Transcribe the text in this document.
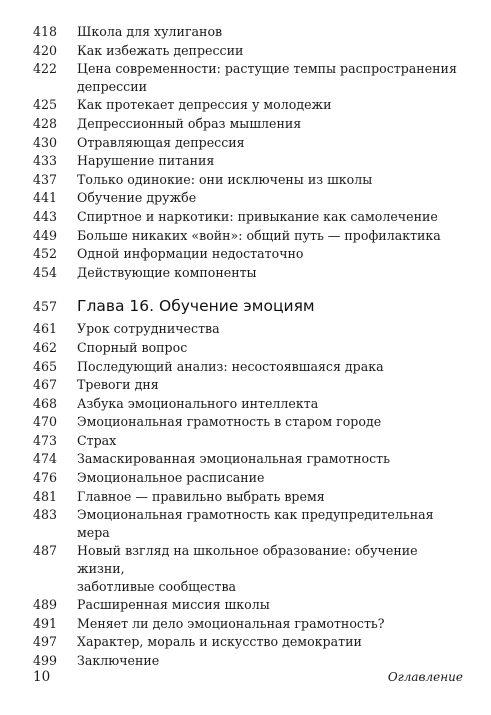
418	Школа для хулиганов
420	Как избежать депрессии
422	Цена современности: растущие темпы распространения
депрессии
425	Как протекает депрессия у молодежи
428	Депрессионный образ мышления
430	Отравляющая депрессия
433	Нарушение питания
437	Только одинокие: они исключены из школы
441	Обучение дружбе
443	Спиртное и наркотики: привыкание как самолечение
449	Больше никаких «войн»: общий путь — профилактика
452	Одной информации недостаточно
454	Действующие компоненты
457	Глава 16. Обучение эмоциям
461	Урок сотрудничества
462	Спорный вопрос
465	Последующий анализ: несостоявшаяся драка
467	Тревоги дня
468	Азбука эмоционального интеллекта
470	Эмоциональная грамотность в старом городе
473	Страх
474	Замаскированная эмоциональная грамотность
476	Эмоциональное расписание
481	Главное — правильно выбрать время
483	Эмоциональная грамотность как предупредительная мера
487	Новый взгляд на школьное образование: обучение жизни,
заботливые сообщества
489	Расширенная миссия школы
491	Меняет ли дело эмоциональная грамотность?
497	Характер, мораль и искусство демократии
499	Заключение
10	Оглавление
